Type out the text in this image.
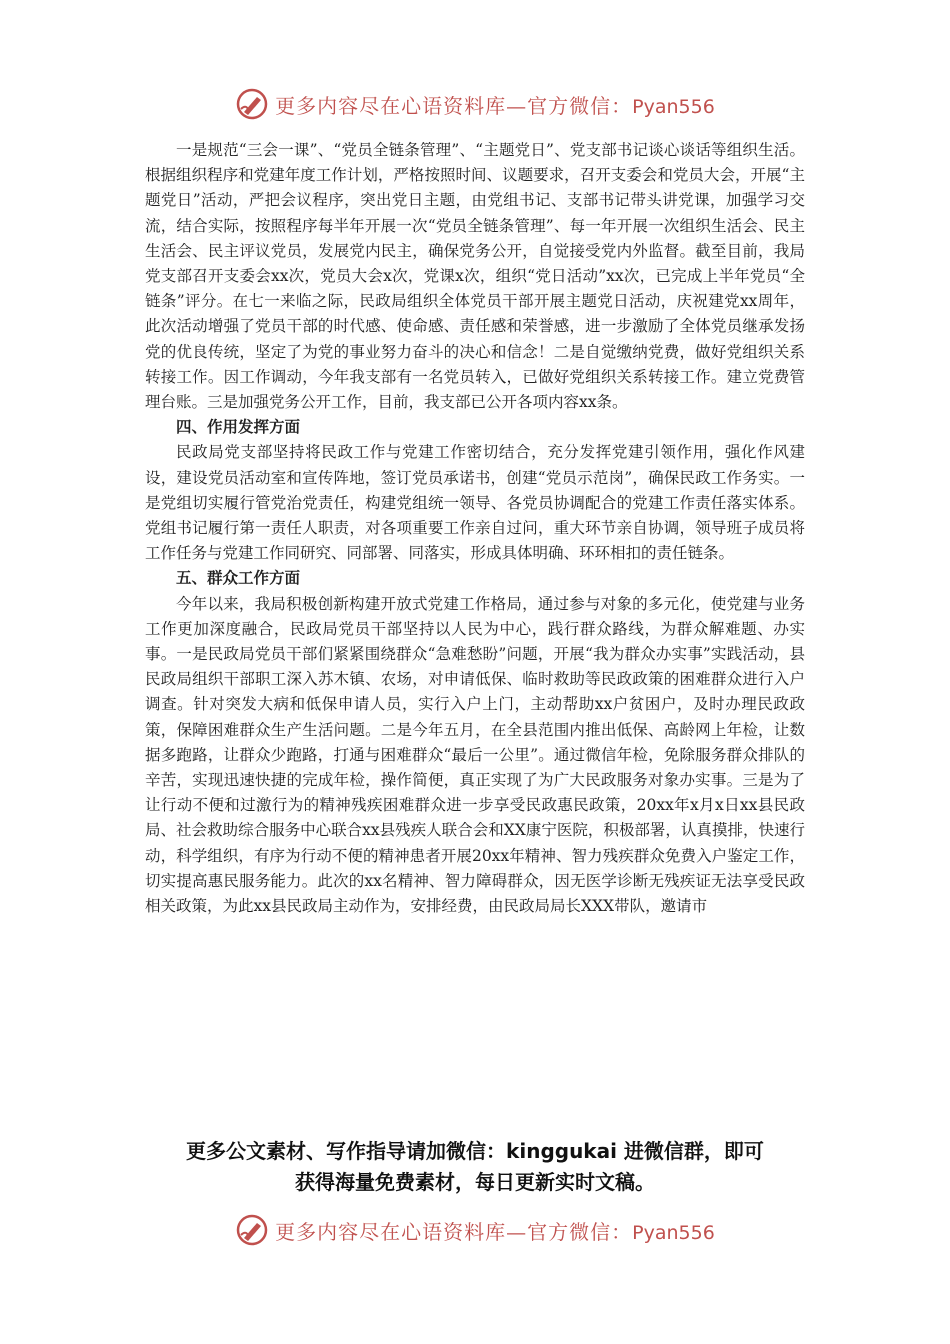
更多内容尽在心语资料库—官方微信：Pyan556

一是规范“三会一课”、“党员全链条管理”、“主题党日”、党支部书记谈心谈话等组织生活。根据组织程序和党建年度工作计划，严格按照时间、议题要求，召开支委会和党员大会，开展“主题党日”活动，严把会议程序，突出党日主题，由党组书记、支部书记带头讲党课，加强学习交流，结合实际，按照程序每半年开展一次“党员全链条管理”、每一年开展一次组织生活会、民主生活会、民主评议党员，发展党内民主，确保党务公开，自觉接受党内外监督。截至目前，我局党支部召开支委会xx次，党员大会x次，党课x次，组织“党日活动”xx次，已完成上半年党员“全链条”评分。在七一来临之际，民政局组织全体党员干部开展主题党日活动，庆祝建党xx周年，此次活动增强了党员干部的时代感、使命感、责任感和荣誉感，进一步激励了全体党员继承发扬党的优良传统，坚定了为党的事业努力奋斗的决心和信念！二是自觉缴纳党费，做好党组织关系转接工作。因工作调动，今年我支部有一名党员转入，已做好党组织关系转接工作。建立党费管理台账。三是加强党务公开工作，目前，我支部已公开各项内容xx条。

四、作用发挥方面

民政局党支部坚持将民政工作与党建工作密切结合，充分发挥党建引领作用，强化作风建设，建设党员活动室和宣传阵地，签订党员承诺书，创建“党员示范岗”，确保民政工作务实。一是党组切实履行管党治党责任，构建党组统一领导、各党员协调配合的党建工作责任落实体系。党组书记履行第一责任人职责，对各项重要工作亲自过问，重大环节亲自协调，领导班子成员将工作任务与党建工作同研究、同部署、同落实，形成具体明确、环环相扣的责任链条。

五、群众工作方面

今年以来，我局积极创新构建开放式党建工作格局，通过参与对象的多元化，使党建与业务工作更加深度融合，民政局党员干部坚持以人民为中心，践行群众路线，为群众解难题、办实事。一是民政局党员干部们紧紧围绕群众“急难愁盼”问题，开展“我为群众办实事”实践活动，县民政局组织干部职工深入苏木镇、农场，对申请低保、临时救助等民政政策的困难群众进行入户调查。针对突发大病和低保申请人员，实行入户上门，主动帮助xx户贫困户，及时办理民政政策，保障困难群众生产生活问题。二是今年五月，在全县范围内推出低保、高龄网上年检，让数据多跑路，让群众少跑路，打通与困难群众“最后一公里”。通过微信年检，免除服务群众排队的辛苦，实现迅速快捷的完成年检，操作简便，真正实现了为广大民政服务对象办实事。三是为了让行动不便和过激行为的精神残疾困难群众进一步享受民政惠民政策，20xx年x月x日xx县民政局、社会救助综合服务中心联合xx县残疾人联合会和XX康宁医院，积极部署，认真摸排，快速行动，科学组织，有序为行动不便的精神患者开展20xx年精神、智力残疾群众免费入户鉴定工作，切实提高惠民服务能力。此次的xx名精神、智力障碍群众，因无医学诊断无残疾证无法享受民政相关政策，为此xx县民政局主动作为，安排经费，由民政局局长XXX带队，邀请市

更多公文素材、写作指导请加微信：kinggukai 进微信群，即可
获得海量免费素材，每日更新实时文稿。
更多内容尽在心语资料库—官方微信：Pyan556
